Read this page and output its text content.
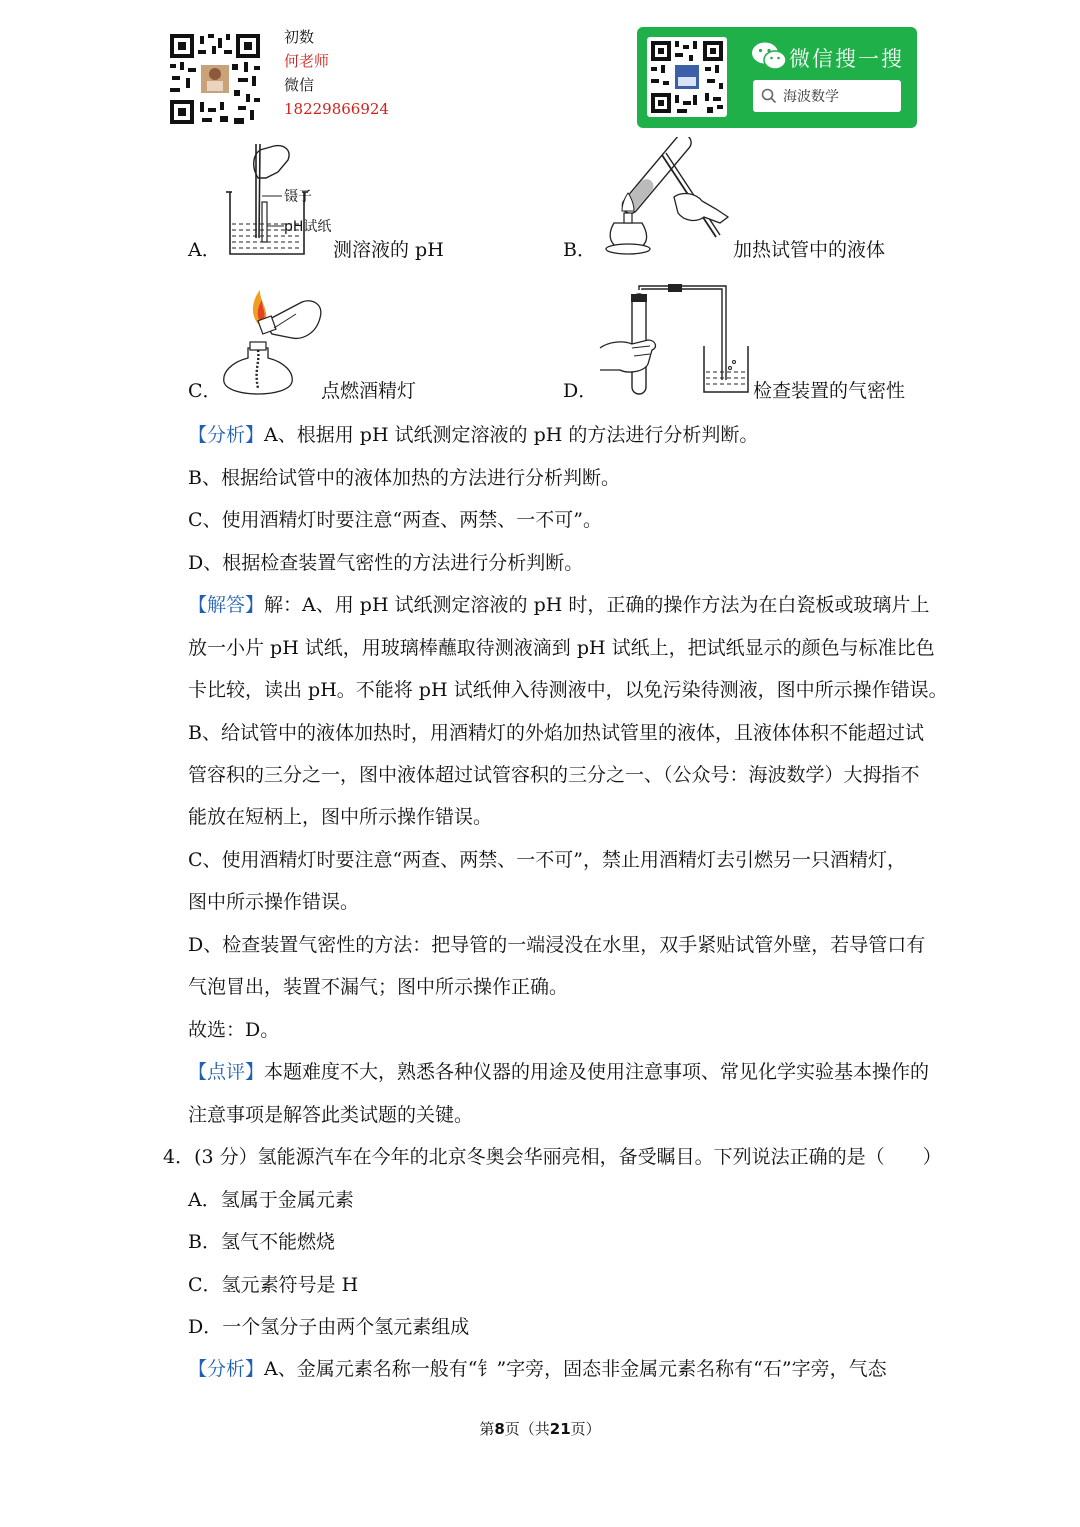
初数
何老师
微信
18229866924
微信搜一搜
海波数学
镊子
pH试纸
A．	测溶液的 pH	B．	加热试管中的液体
C．	点燃酒精灯	D．	检查装置的气密性
【分析】A、根据用 pH 试纸测定溶液的 pH 的方法进行分析判断。
B、根据给试管中的液体加热的方法进行分析判断。
C、使用酒精灯时要注意“两查、两禁、一不可”。
D、根据检查装置气密性的方法进行分析判断。
【解答】解：A、用 pH 试纸测定溶液的 pH 时，正确的操作方法为在白瓷板或玻璃片上
放一小片 pH 试纸，用玻璃棒蘸取待测液滴到 pH 试纸上，把试纸显示的颜色与标准比色
卡比较，读出 pH。不能将 pH 试纸伸入待测液中，以免污染待测液，图中所示操作错误。
B、给试管中的液体加热时，用酒精灯的外焰加热试管里的液体，且液体体积不能超过试
管容积的三分之一，图中液体超过试管容积的三分之一、（公众号：海波数学）大拇指不
能放在短柄上，图中所示操作错误。
C、使用酒精灯时要注意“两查、两禁、一不可”，禁止用酒精灯去引燃另一只酒精灯，
图中所示操作错误。
D、检查装置气密性的方法：把导管的一端浸没在水里，双手紧贴试管外壁，若导管口有
气泡冒出，装置不漏气；图中所示操作正确。
故选：D。
【点评】本题难度不大，熟悉各种仪器的用途及使用注意事项、常见化学实验基本操作的
注意事项是解答此类试题的关键。
4．(3 分）氢能源汽车在今年的北京冬奥会华丽亮相，备受瞩目。下列说法正确的是（　　）
A．氢属于金属元素
B．氢气不能燃烧
C．氢元素符号是 H
D．一个氢分子由两个氢元素组成
【分析】A、金属元素名称一般有“钅”字旁，固态非金属元素名称有“石”字旁，气态
第8页（共21页）
